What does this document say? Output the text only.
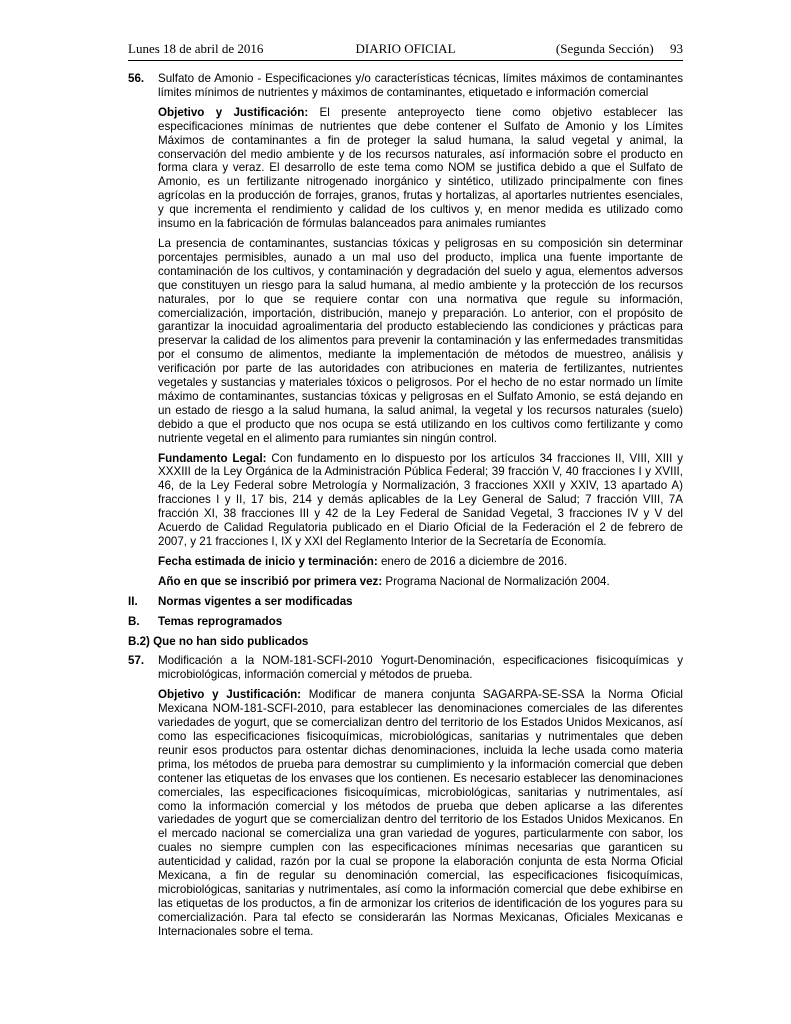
Lunes 18 de abril de 2016	DIARIO OFICIAL	(Segunda Sección) 93
56. Sulfato de Amonio - Especificaciones y/o características técnicas, límites máximos de contaminantes límites mínimos de nutrientes y máximos de contaminantes, etiquetado e información comercial

Objetivo y Justificación: El presente anteproyecto tiene como objetivo establecer las especificaciones mínimas de nutrientes que debe contener el Sulfato de Amonio y los Límites Máximos de contaminantes a fin de proteger la salud humana, la salud vegetal y animal, la conservación del medio ambiente y de los recursos naturales, así información sobre el producto en forma clara y veraz. El desarrollo de este tema como NOM se justifica debido a que el Sulfato de Amonio, es un fertilizante nitrogenado inorgánico y sintético, utilizado principalmente con fines agrícolas en la producción de forrajes, granos, frutas y hortalizas, al aportarles nutrientes esenciales, y que incrementa el rendimiento y calidad de los cultivos y, en menor medida es utilizado como insumo en la fabricación de fórmulas balanceados para animales rumiantes

La presencia de contaminantes, sustancias tóxicas y peligrosas en su composición sin determinar porcentajes permisibles, aunado a un mal uso del producto, implica una fuente importante de contaminación de los cultivos, y contaminación y degradación del suelo y agua, elementos adversos que constituyen un riesgo para la salud humana, al medio ambiente y la protección de los recursos naturales, por lo que se requiere contar con una normativa que regule su información, comercialización, importación, distribución, manejo y preparación. Lo anterior, con el propósito de garantizar la inocuidad agroalimentaria del producto estableciendo las condiciones y prácticas para preservar la calidad de los alimentos para prevenir la contaminación y las enfermedades transmitidas por el consumo de alimentos, mediante la implementación de métodos de muestreo, análisis y verificación por parte de las autoridades con atribuciones en materia de fertilizantes, nutrientes vegetales y sustancias y materiales tóxicos o peligrosos. Por el hecho de no estar normado un límite máximo de contaminantes, sustancias tóxicas y peligrosas en el Sulfato Amonio, se está dejando en un estado de riesgo a la salud humana, la salud animal, la vegetal y los recursos naturales (suelo) debido a que el producto que nos ocupa se está utilizando en los cultivos como fertilizante y como nutriente vegetal en el alimento para rumiantes sin ningún control.

Fundamento Legal: Con fundamento en lo dispuesto por los artículos 34 fracciones II, VIII, XIII y XXXIII de la Ley Orgánica de la Administración Pública Federal; 39 fracción V, 40 fracciones I y XVIII, 46, de la Ley Federal sobre Metrología y Normalización, 3 fracciones XXII y XXIV, 13 apartado A) fracciones I y II, 17 bis, 214 y demás aplicables de la Ley General de Salud; 7 fracción VIII, 7A fracción XI, 38 fracciones III y 42 de la Ley Federal de Sanidad Vegetal, 3 fracciones IV y V del Acuerdo de Calidad Regulatoria publicado en el Diario Oficial de la Federación el 2 de febrero de 2007, y 21 fracciones I, IX y XXI del Reglamento Interior de la Secretaría de Economía.

Fecha estimada de inicio y terminación: enero de 2016 a diciembre de 2016.

Año en que se inscribió por primera vez: Programa Nacional de Normalización 2004.

II. Normas vigentes a ser modificadas
B. Temas reprogramados
B.2) Que no han sido publicados
57. Modificación a la NOM-181-SCFI-2010 Yogurt-Denominación, especificaciones fisicoquímicas y microbiológicas, información comercial y métodos de prueba.

Objetivo y Justificación: Modificar de manera conjunta SAGARPA-SE-SSA la Norma Oficial Mexicana NOM-181-SCFI-2010, para establecer las denominaciones comerciales de las diferentes variedades de yogurt, que se comercializan dentro del territorio de los Estados Unidos Mexicanos, así como las especificaciones fisicoquímicas, microbiológicas, sanitarias y nutrimentales que deben reunir esos productos para ostentar dichas denominaciones, incluida la leche usada como materia prima, los métodos de prueba para demostrar su cumplimiento y la información comercial que deben contener las etiquetas de los envases que los contienen. Es necesario establecer las denominaciones comerciales, las especificaciones fisicoquímicas, microbiológicas, sanitarias y nutrimentales, así como la información comercial y los métodos de prueba que deben aplicarse a las diferentes variedades de yogurt que se comercializan dentro del territorio de los Estados Unidos Mexicanos. En el mercado nacional se comercializa una gran variedad de yogures, particularmente con sabor, los cuales no siempre cumplen con las especificaciones mínimas necesarias que garanticen su autenticidad y calidad, razón por la cual se propone la elaboración conjunta de esta Norma Oficial Mexicana, a fin de regular su denominación comercial, las especificaciones fisicoquímicas, microbiológicas, sanitarias y nutrimentales, así como la información comercial que debe exhibirse en las etiquetas de los productos, a fin de armonizar los criterios de identificación de los yogures para su comercialización. Para tal efecto se considerarán las Normas Mexicanas, Oficiales Mexicanas e Internacionales sobre el tema.
